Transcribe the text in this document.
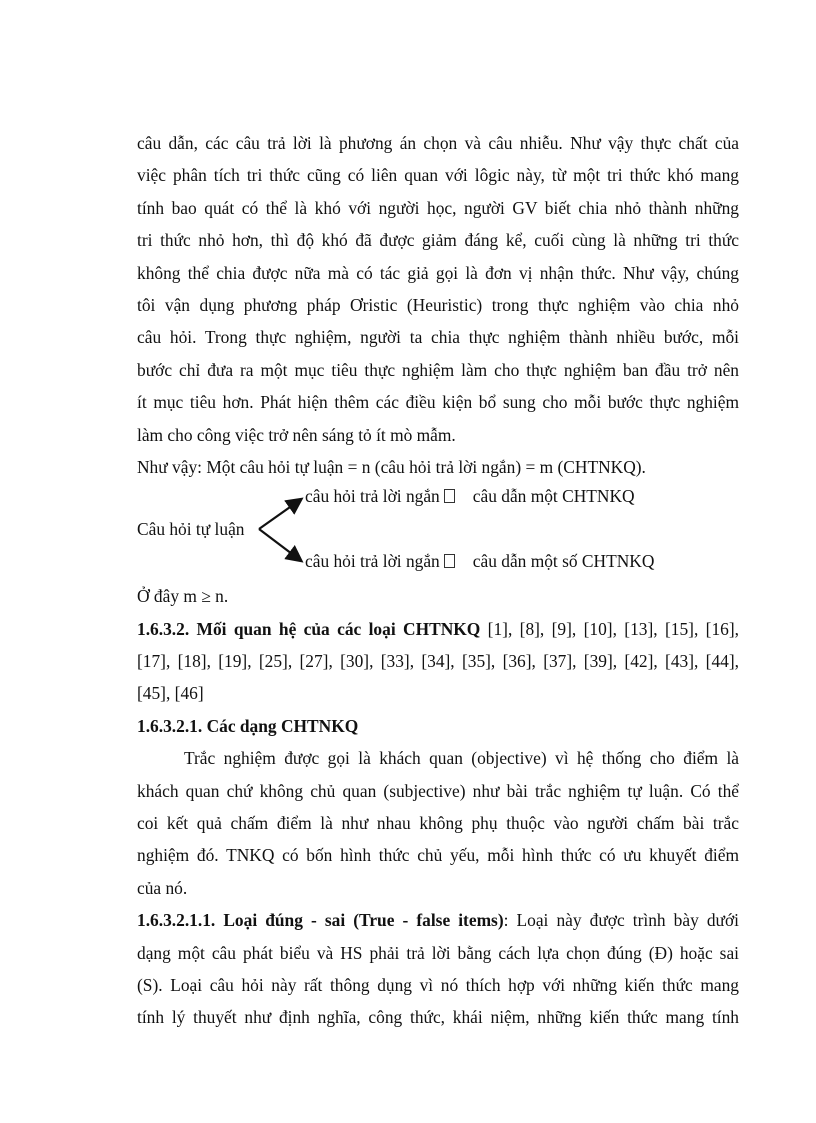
câu dẫn, các câu trả lời là phương án chọn và câu nhiễu. Như vậy thực chất của
việc phân tích tri thức cũng có liên quan với lôgic này, từ một tri thức khó mang
tính bao quát có thể là khó với người học, người GV biết chia nhỏ thành những
tri thức nhỏ hơn, thì độ khó đã được giảm đáng kể, cuối cùng là những tri thức
không thể chia được nữa mà có tác giả gọi là đơn vị nhận thức. Như vậy, chúng
tôi vận dụng phương pháp Ơristic (Heuristic) trong thực nghiệm vào chia nhỏ
câu hỏi. Trong thực nghiệm, người ta chia thực nghiệm thành nhiều bước, mỗi
bước chỉ đưa ra một mục tiêu thực nghiệm làm cho thực nghiệm ban đầu trở nên
ít mục tiêu hơn. Phát hiện thêm các điều kiện bổ sung cho mỗi bước thực nghiệm
làm cho công việc trở nên sáng tỏ ít mò mẫm.
Như vậy: Một câu hỏi tự luận = n (câu hỏi trả lời ngắn) = m (CHTNKQ).
câu hỏi trả lời ngắn câu dẫn một CHTNKQ
Câu hỏi tự luận
câu hỏi trả lời ngắn câu dẫn một số CHTNKQ
Ở đây m ≥ n.
1.6.3.2. Mối quan hệ của các loại CHTNKQ [1], [8], [9], [10], [13], [15], [16],
[17], [18], [19], [25], [27], [30], [33], [34], [35], [36], [37], [39], [42], [43], [44],
[45], [46]
1.6.3.2.1. Các dạng CHTNKQ
Trắc nghiệm được gọi là khách quan (objective) vì hệ thống cho điểm là
khách quan chứ không chủ quan (subjective) như bài trắc nghiệm tự luận. Có thể
coi kết quả chấm điểm là như nhau không phụ thuộc vào người chấm bài trắc
nghiệm đó. TNKQ có bốn hình thức chủ yếu, mỗi hình thức có ưu khuyết điểm
của nó.
1.6.3.2.1.1. Loại đúng - sai (True - false items): Loại này được trình bày dưới
dạng một câu phát biểu và HS phải trả lời bằng cách lựa chọn đúng (Đ) hoặc sai
(S). Loại câu hỏi này rất thông dụng vì nó thích hợp với những kiến thức mang
tính lý thuyết như định nghĩa, công thức, khái niệm, những kiến thức mang tính
